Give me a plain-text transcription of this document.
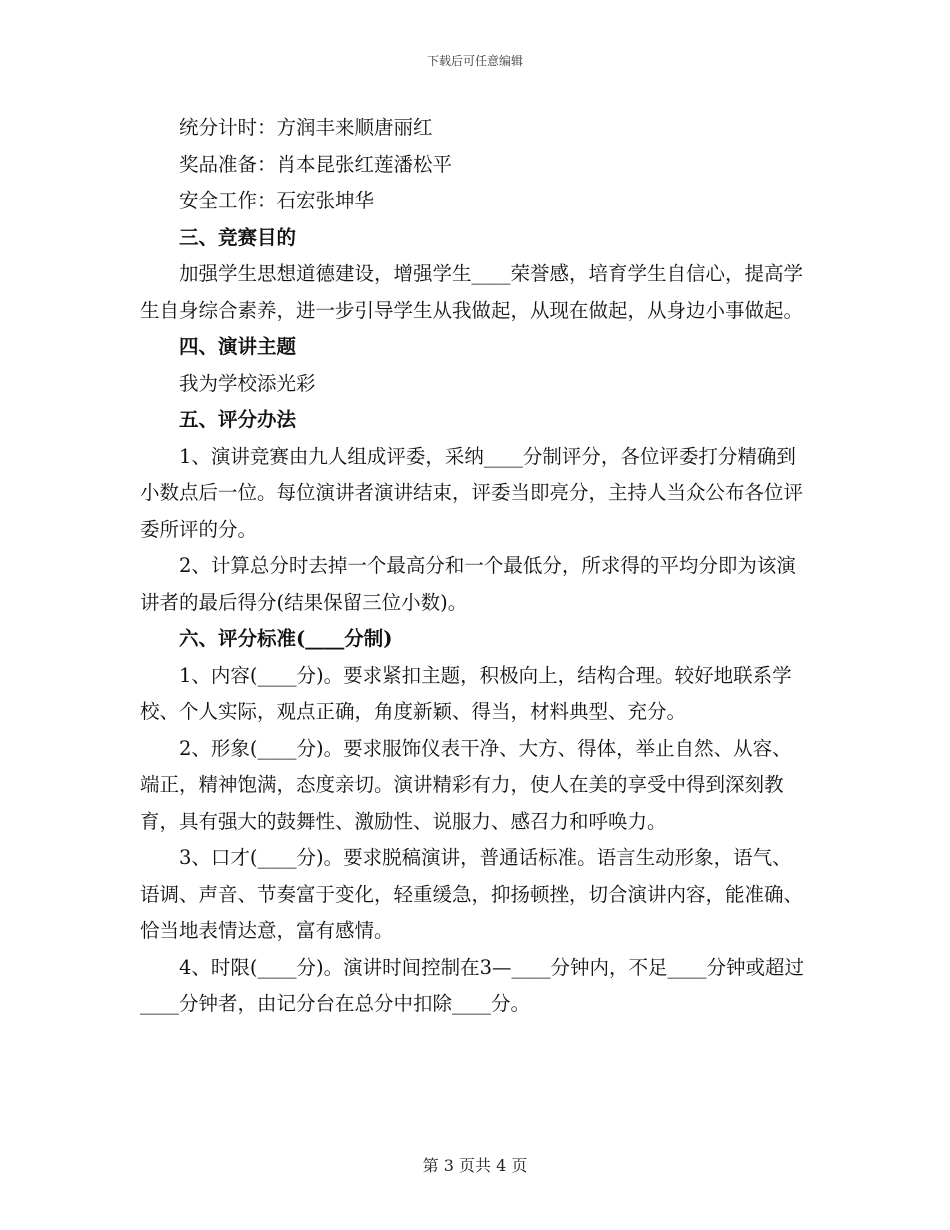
下载后可任意编辑

统分计时：方润丰来顺唐丽红

奖品准备：肖本昆张红莲潘松平

安全工作：石宏张坤华

三、竞赛目的

加强学生思想道德建设，增强学生____荣誉感，培育学生自信心，提高学生自身综合素养，进一步引导学生从我做起，从现在做起，从身边小事做起。

四、演讲主题

我为学校添光彩

五、评分办法

1、演讲竞赛由九人组成评委，采纳____分制评分，各位评委打分精确到小数点后一位。每位演讲者演讲结束，评委当即亮分，主持人当众公布各位评委所评的分。

2、计算总分时去掉一个最高分和一个最低分，所求得的平均分即为该演讲者的最后得分(结果保留三位小数)。

六、评分标准(____分制)

1、内容(____分)。要求紧扣主题，积极向上，结构合理。较好地联系学校、个人实际，观点正确，角度新颖、得当，材料典型、充分。

2、形象(____分)。要求服饰仪表干净、大方、得体，举止自然、从容、端正，精神饱满，态度亲切。演讲精彩有力，使人在美的享受中得到深刻教育，具有强大的鼓舞性、激励性、说服力、感召力和呼唤力。

3、口才(____分)。要求脱稿演讲，普通话标准。语言生动形象，语气、语调、声音、节奏富于变化，轻重缓急，抑扬顿挫，切合演讲内容，能准确、恰当地表情达意，富有感情。

4、时限(____分)。演讲时间控制在3—____分钟内，不足____分钟或超过____分钟者，由记分台在总分中扣除____分。

第 3 页共 4 页
